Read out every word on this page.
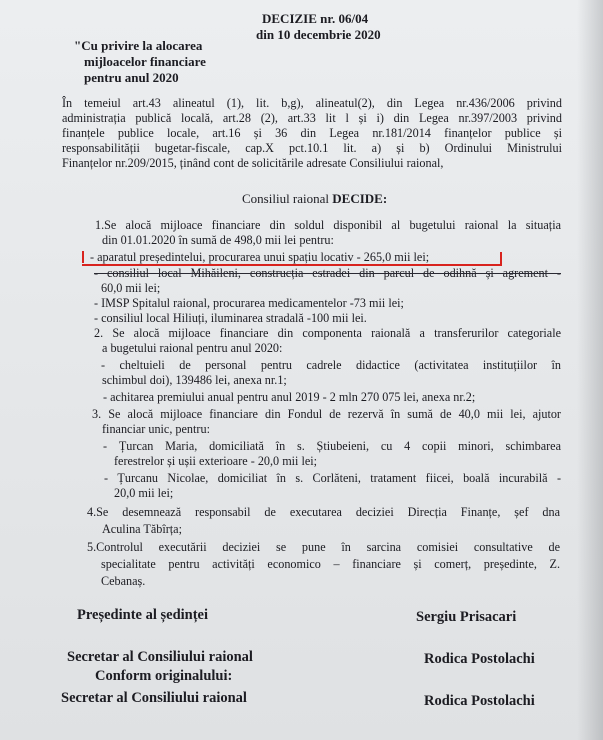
DECIZIE nr. 06/04
din 10 decembrie 2020
"Cu privire la alocarea
mijloacelor financiare
pentru anul 2020
În temeiul art.43 alineatul (1), lit. b,g), alineatul(2), din Legea nr.436/2006 privind
administrația publică locală, art.28 (2), art.33 lit l și i) din Legea nr.397/2003 privind
finanțele publice locale, art.16 și 36 din Legea nr.181/2014 finanțelor publice și
responsabilității bugetar-fiscale, cap.X pct.10.1 lit. a) și b) Ordinului Ministrului
Finanțelor nr.209/2015, ținând cont de solicitările adresate Consiliului raional,
Consiliul raional DECIDE:
1.Se alocă mijloace financiare din soldul disponibil al bugetului raional la situația
din 01.01.2020 în sumă de 498,0 mii lei pentru:
- aparatul președintelui, procurarea unui spațiu locativ - 265,0 mii lei;
- consiliul local Mihăileni, construcția estradei din parcul de odihnă și agrement -
60,0 mii lei;
- IMSP Spitalul raional, procurarea medicamentelor -73 mii lei;
- consiliul local Hiliuți, iluminarea stradală -100 mii lei.
2. Se alocă mijloace financiare din componenta raională a transferurilor categoriale
a bugetului raional pentru anul 2020:
- cheltuieli de personal pentru cadrele didactice (activitatea instituțiilor în
schimbul doi), 139486 lei, anexa nr.1;
- achitarea premiului anual pentru anul 2019 - 2 mln 270 075 lei, anexa nr.2;
3. Se alocă mijloace financiare din Fondul de rezervă în sumă de 40,0 mii lei, ajutor
financiar unic, pentru:
- Țurcan Maria, domiciliată în s. Știubeieni, cu 4 copii minori, schimbarea
ferestrelor și ușii exterioare - 20,0 mii lei;
- Țurcanu Nicolae, domiciliat în s. Corlăteni, tratament fiicei, boală incurabilă -
20,0 mii lei;
4.Se desemnează responsabil de executarea deciziei Direcția Finanțe, șef dna
Aculina Tăbîrța;
5.Controlul executării deciziei se pune în sarcina comisiei consultative de
specialitate pentru activități economico – financiare și comerț, președinte, Z.
Cebanaș.
Președinte al ședinței	Sergiu Prisacari
Secretar al Consiliului raional	Rodica Postolachi
Conform originalului:
Secretar al Consiliului raional	Rodica Postolachi
